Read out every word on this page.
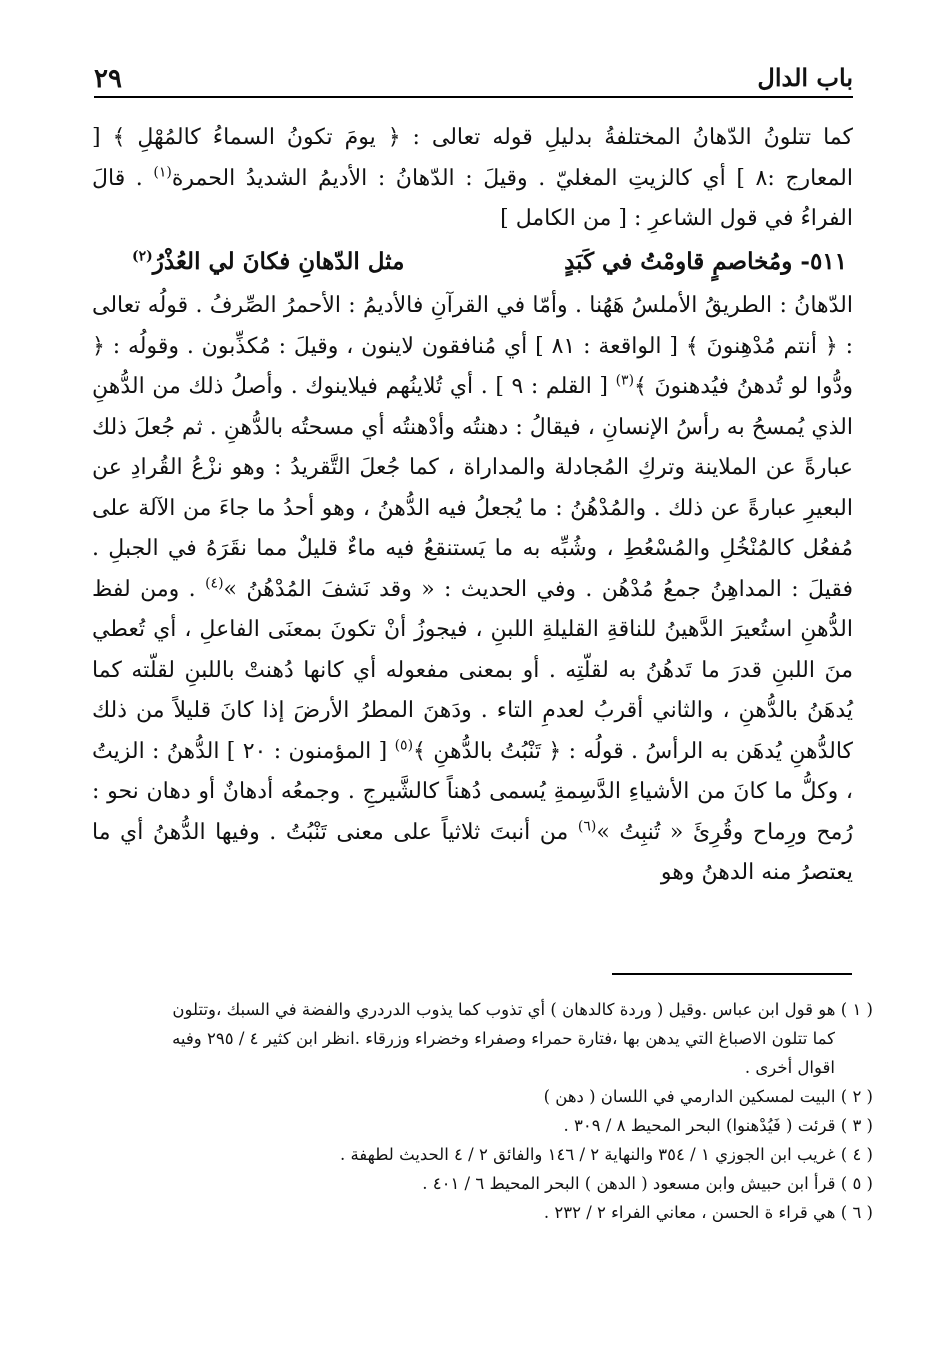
باب الدال
٢٩

كما تتلونُ الدّهانُ المختلفةُ بدليلِ قوله تعالى : ﴿ يومَ تكونُ السماءُ كالمُهْلِ ﴾ [ المعارج :٨ ] أي كالزيتِ المغليّ . وقيلَ : الدّهانُ : الأديمُ الشديدُ الحمرة$^{(١)}$ . قالَ الفراءُ في قول الشاعرِ : [ من الكامل ]

٥١١- ومُخاصمٍ قاومْتُ في كَبَدٍ
مثل الدّهانِ فكانَ لي العُذْرُ$^{(٢)}$

الدّهانُ : الطريقُ الأملسُ هَهُنا . وأمّا في القرآنِ فالأديمُ : الأحمرُ الصِّرفُ . قولُه تعالى : ﴿ أنتم مُدْهِنونَ ﴾ [ الواقعة : ٨١ ] أي مُنافقون لاينون ، وقيلَ : مُكذِّبون . وقولُه : ﴿ ودُّوا لو تُدهنُ فيُدهنونَ ﴾$^{(٣)}$ [ القلم : ٩ ] . أي تُلاينُهم فيلاينوك . وأصلُ ذلك من الدُّهنِ الذي يُمسحُ به رأسُ الإنسانِ ، فيقالُ : دهنتُه وأدْهنتُه أي مسحتُه بالدُّهنِ . ثم جُعلَ ذلك عبارةً عن الملاينة وتركِ المُجادلة والمداراة ، كما جُعلَ التَّقريدُ : وهو نزْعُ القُرادِ عن البعيرِ عبارةً عن ذلك . والمُدْهُنُ : ما يُجعلُ فيه الدُّهنُ ، وهو أحدُ ما جاءَ من الآلة على مُفعُل كالمُنْخُلِ والمُسْعُطِ ، وشُبِّه به ما يَستنقعُ فيه ماءٌ قليلٌ مما نقَرَهُ في الجبلِ . فقيلَ : المداهِنُ جمعُ مُدْهُن . وفي الحديث : « وقد نَشفَ المُدْهُنُ »$^{(٤)}$ . ومن لفظ الدُّهنِ استُعيرَ الدَّهينُ للناقةِ القليلةِ اللبنِ ، فيجوزُ أنْ تكونَ بمعنَى الفاعلِ ، أي تُعطي منَ اللبنِ قدرَ ما تَدهُنُ به لقلّتِه . أو بمعنى مفعوله أي كانها دُهنتْ باللبنِ لقلّته كما يُدهَنُ بالدُّهنِ ، والثاني أقربُ لعدمِ التاء . ودَهنَ المطرُ الأرضَ إذا كانَ قليلاً من ذلك كالدُّهنِ يُدهَن به الرأسُ . قولُه : ﴿ تَنْبُتُ بالدُّهنِ ﴾$^{(٥)}$ [ المؤمنون : ٢٠ ] الدُّهنُ : الزيتُ ، وكلُّ ما كانَ من الأشياءِ الدَّسِمةِ يُسمى دُهناً كالشَّيرجِ . وجمعُه أدهانٌ أو دهان نحو : رُمح ورِماح وقُرِئَ « تُنبِتُ »$^{(٦)}$ من أنبتَ ثلاثياً على معنى تَنْبُتُ . وفيها الدُّهنُ أي ما يعتصرُ منه الدهنُ وهو

( ١ ) هو قول ابن عباس .وقيل ( وردة كالدهان ) أي تذوب كما يذوب الدردري والفضة في السبك ،وتتلون

كما تتلون الاصباغ التي يدهن بها ،فتارة حمراء وصفراء وخضراء وزرقاء .انظر ابن كثير ٤ / ٢٩٥ وفيه

اقوال أخرى .

( ٢ ) البيت لمسكين الدارمي في اللسان ( دهن )

( ٣ ) قرئت ( فَيُدْهنوا) البحر المحيط ٨ / ٣٠٩ .

( ٤ ) غريب ابن الجوزي ١ / ٣٥٤ والنهاية ٢ / ١٤٦ والفائق ٢ / ٤ الحديث لطهفة .

( ٥ ) قرأ ابن حبيش وابن مسعود ( الدهن ) البحر المحيط ٦ / ٤٠١ .

( ٦ ) هي قراء ة الحسن ، معاني الفراء ٢ / ٢٣٢ .
